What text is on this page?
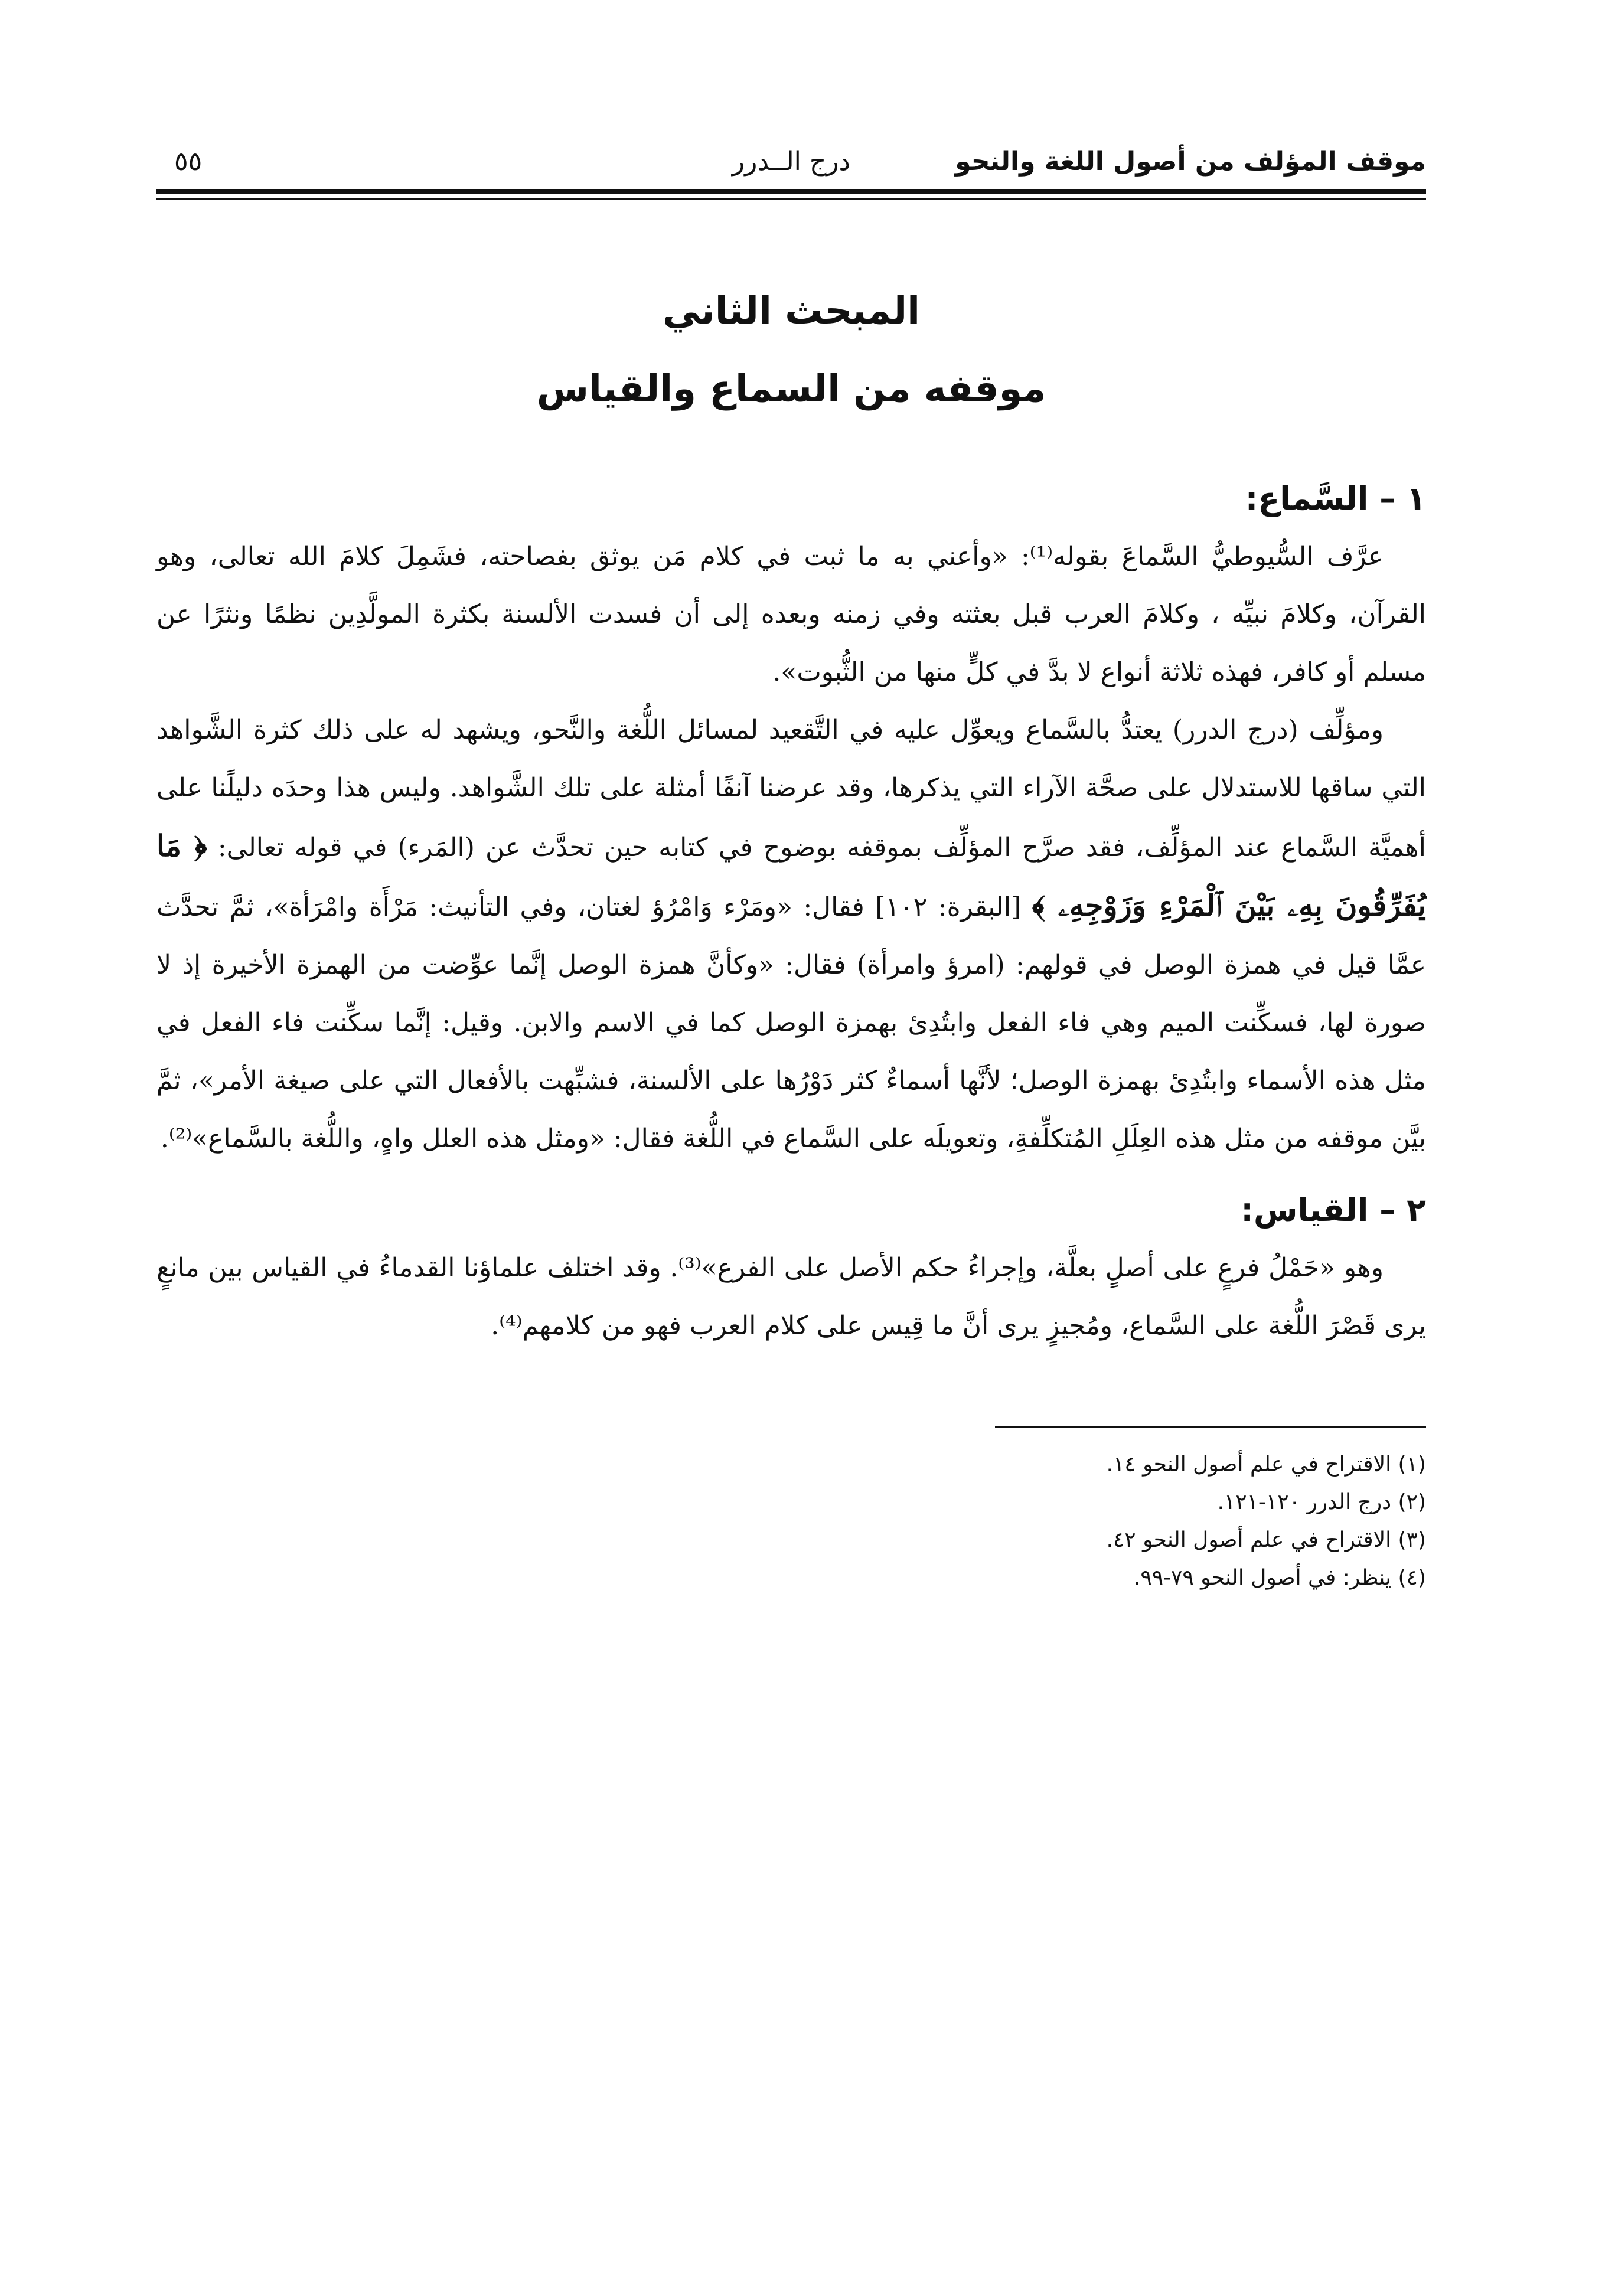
موقف المؤلف من أصول اللغة والنحو
درج الــدرر
٥٥
المبحث الثاني
موقفه من السماع والقياس
١ – السَّماع:

عرَّف السُّيوطيُّ السَّماعَ بقوله⁽¹⁾: «وأعني به ما ثبت في كلام مَن يوثق بفصاحته، فشَمِلَ كلامَ الله تعالى، وهو القرآن، وكلامَ نبيِّه ، وكلامَ العرب قبل بعثته وفي زمنه وبعده إلى أن فسدت الألسنة بكثرة المولَّدِين نظمًا ونثرًا عن مسلم أو كافر، فهذه ثلاثة أنواع لا بدَّ في كلٍّ منها من الثُّبوت».

ومؤلِّف (درج الدرر) يعتدُّ بالسَّماع ويعوِّل عليه في التَّقعيد لمسائل اللُّغة والنَّحو، ويشهد له على ذلك كثرة الشَّواهد التي ساقها للاستدلال على صحَّة الآراء التي يذكرها، وقد عرضنا آنفًا أمثلة على تلك الشَّواهد. وليس هذا وحدَه دليلًنا على أهميَّة السَّماع عند المؤلِّف، فقد صرَّح المؤلِّف بموقفه بوضوح في كتابه حين تحدَّث عن (المَرء) في قوله تعالى: ﴿ مَا يُفَرِّقُونَ بِهِۦ بَيْنَ ٱلْمَرْءِ وَزَوْجِهِۦ ﴾ [البقرة: ١٠٢] فقال: «ومَرْء وَامْرُؤ لغتان، وفي التأنيث: مَرْأَة وامْرَأة»، ثمَّ تحدَّث عمَّا قيل في همزة الوصل في قولهم: (امرؤ وامرأة) فقال: «وكأنَّ همزة الوصل إنَّما عوِّضت من الهمزة الأخيرة إذ لا صورة لها، فسكِّنت الميم وهي فاء الفعل وابتُدِئ بهمزة الوصل كما في الاسم والابن. وقيل: إنَّما سكِّنت فاء الفعل في مثل هذه الأسماء وابتُدِئ بهمزة الوصل؛ لأنَّها أسماءٌ كثر دَوْرُها على الألسنة، فشبِّهت بالأفعال التي على صيغة الأمر»، ثمَّ بيَّن موقفه من مثل هذه العِلَلِ المُتكلِّفةِ، وتعويلَه على السَّماع في اللُّغة فقال: «ومثل هذه العلل واهٍ، واللُّغة بالسَّماع»⁽²⁾.

٢ – القياس:

وهو «حَمْلُ فرعٍ على أصلٍ بعلَّة، وإجراءُ حكم الأصل على الفرع»⁽³⁾. وقد اختلف علماؤنا القدماءُ في القياس بين مانعٍ يرى قَصْرَ اللُّغة على السَّماع، ومُجيزٍ يرى أنَّ ما قِيس على كلام العرب فهو من كلامهم⁽⁴⁾.

(١) الاقتراح في علم أصول النحو ١٤.
(٢) درج الدرر ١٢٠-١٢١.
(٣) الاقتراح في علم أصول النحو ٤٢.
(٤) ينظر: في أصول النحو ٧٩-٩٩.
